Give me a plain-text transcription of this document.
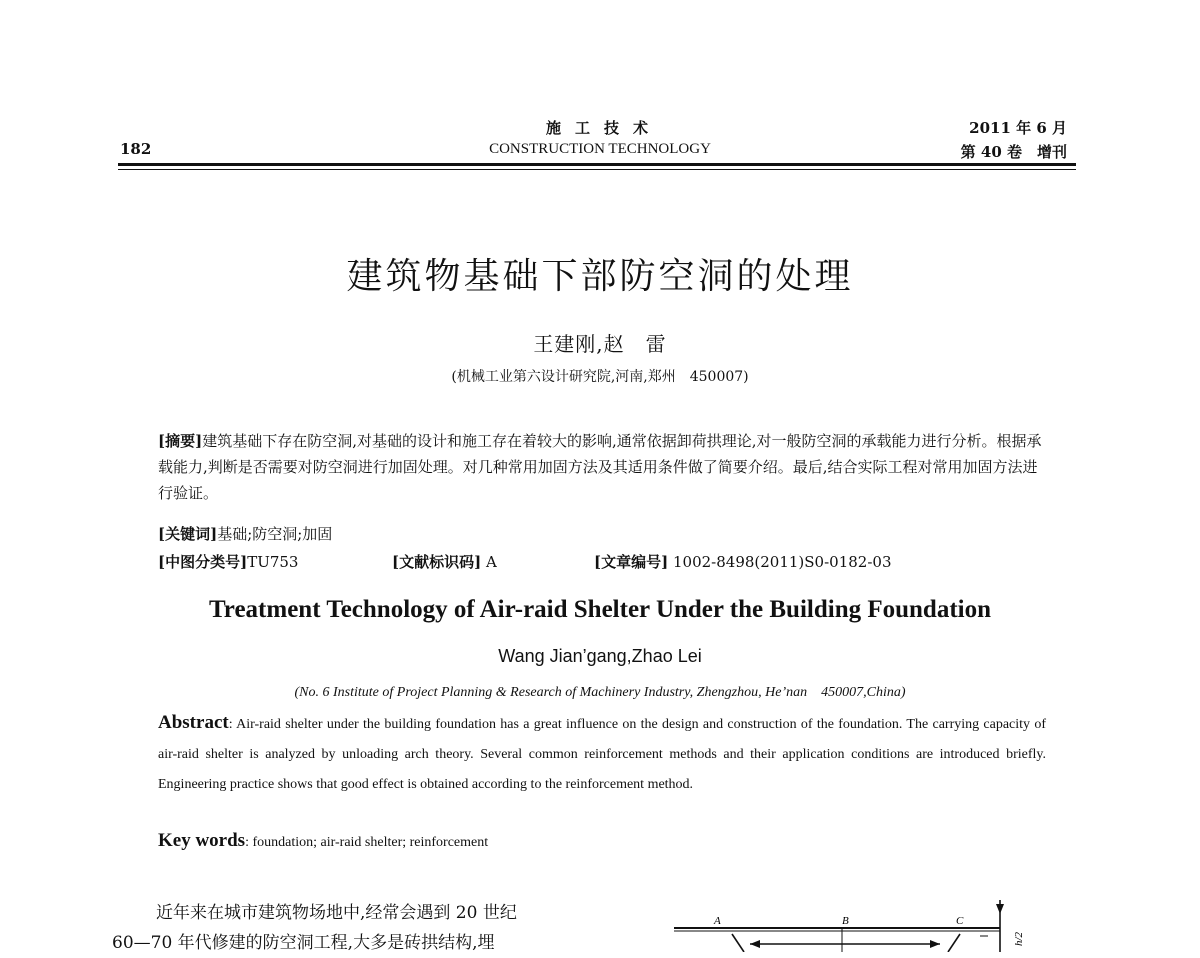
182
施工技术
CONSTRUCTION TECHNOLOGY
2011 年 6 月
第 40 卷　增刊
建筑物基础下部防空洞的处理
王建刚,赵　雷
(机械工业第六设计研究院,河南,郑州　450007)
[摘要]建筑基础下存在防空洞,对基础的设计和施工存在着较大的影响,通常依据卸荷拱理论,对一般防空洞的承载能力进行分析。根据承载能力,判断是否需要对防空洞进行加固处理。对几种常用加固方法及其适用条件做了简要介绍。最后,结合实际工程对常用加固方法进行验证。
[关键词]基础;防空洞;加固
[中图分类号]TU753	[文献标识码] A	[文章编号] 1002-8498(2011)S0-0182-03
Treatment Technology of Air-raid Shelter Under the Building Foundation
Wang Jian’gang,Zhao Lei
(No. 6 Institute of Project Planning & Research of Machinery Industry, Zhengzhou, He’nan　450007,China)
Abstract: Air-raid shelter under the building foundation has a great influence on the design and construction of the foundation. The carrying capacity of air-raid shelter is analyzed by unloading arch theory. Several common reinforcement methods and their application conditions are introduced briefly. Engineering practice shows that good effect is obtained according to the reinforcement method.
Key words: foundation; air-raid shelter; reinforcement
近年来在城市建筑物场地中,经常会遇到 20 世纪
60—70 年代修建的防空洞工程,大多是砖拱结构,埋
A	B	C
h/2
